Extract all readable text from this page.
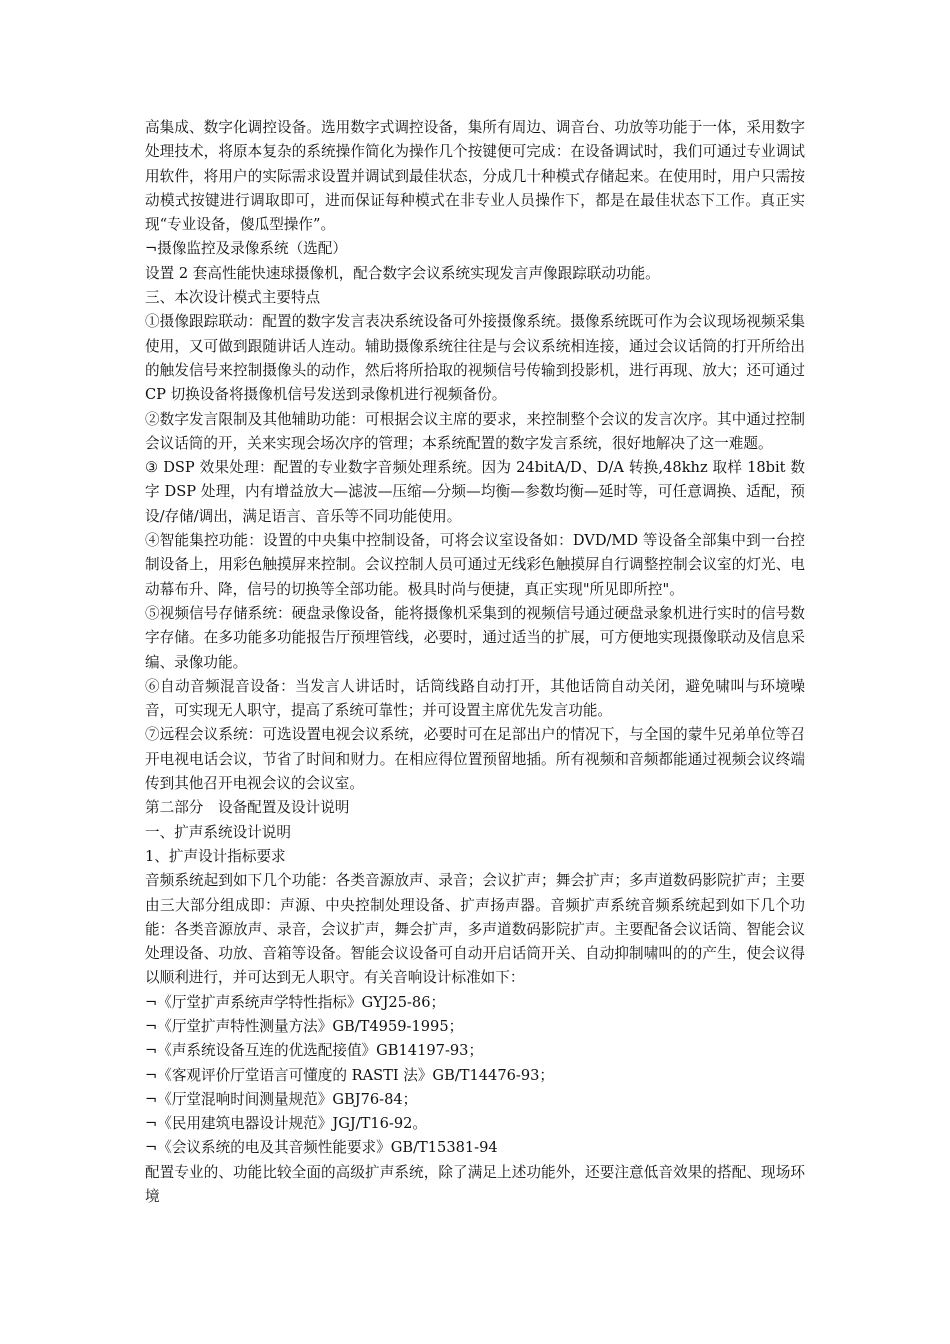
高集成、数字化调控设备。选用数字式调控设备，集所有周边、调音台、功放等功能于一体，采用数字处理技术，将原本复杂的系统操作简化为操作几个按键便可完成：在设备调试时，我们可通过专业调试用软件，将用户的实际需求设置并调试到最佳状态，分成几十种模式存储起来。在使用时，用户只需按动模式按键进行调取即可，进而保证每种模式在非专业人员操作下，都是在最佳状态下工作。真正实现“专业设备，傻瓜型操作”。

¬摄像监控及录像系统（选配）

设置 2 套高性能快速球摄像机，配合数字会议系统实现发言声像跟踪联动功能。

三、本次设计模式主要特点

①摄像跟踪联动：配置的数字发言表决系统设备可外接摄像系统。摄像系统既可作为会议现场视频采集使用，又可做到跟随讲话人连动。辅助摄像系统往往是与会议系统相连接，通过会议话筒的打开所给出的触发信号来控制摄像头的动作，然后将所拾取的视频信号传输到投影机，进行再现、放大；还可通过 CP 切换设备将摄像机信号发送到录像机进行视频备份。

②数字发言限制及其他辅助功能：可根据会议主席的要求，来控制整个会议的发言次序。其中通过控制会议话筒的开，关来实现会场次序的管理；本系统配置的数字发言系统，很好地解决了这一难题。

③ DSP 效果处理：配置的专业数字音频处理系统。因为 24bitA/D、D/A 转换,48khz 取样 18bit 数字 DSP 处理，内有增益放大—滤波—压缩—分频—均衡—参数均衡—延时等，可任意调换、适配，预设/存储/调出，满足语言、音乐等不同功能使用。

④智能集控功能：设置的中央集中控制设备，可将会议室设备如：DVD/MD 等设备全部集中到一台控制设备上，用彩色触摸屏来控制。会议控制人员可通过无线彩色触摸屏自行调整控制会议室的灯光、电动幕布升、降，信号的切换等全部功能。极具时尚与便捷，真正实现"所见即所控"。

⑤视频信号存储系统：硬盘录像设备，能将摄像机采集到的视频信号通过硬盘录象机进行实时的信号数字存储。在多功能多功能报告厅预埋管线，必要时，通过适当的扩展，可方便地实现摄像联动及信息采编、录像功能。

⑥自动音频混音设备：当发言人讲话时，话筒线路自动打开，其他话筒自动关闭，避免啸叫与环境噪音，可实现无人职守，提高了系统可靠性；并可设置主席优先发言功能。

⑦远程会议系统：可选设置电视会议系统，必要时可在足部出户的情况下，与全国的蒙牛兄弟单位等召开电视电话会议，节省了时间和财力。在相应得位置预留地插。所有视频和音频都能通过视频会议终端传到其他召开电视会议的会议室。

第二部分　设备配置及设计说明

一、扩声系统设计说明

1、扩声设计指标要求

音频系统起到如下几个功能：各类音源放声、录音；会议扩声；舞会扩声；多声道数码影院扩声；主要由三大部分组成即：声源、中央控制处理设备、扩声扬声器。音频扩声系统音频系统起到如下几个功能：各类音源放声、录音，会议扩声，舞会扩声，多声道数码影院扩声。主要配备会议话筒、智能会议处理设备、功放、音箱等设备。智能会议设备可自动开启话筒开关、自动抑制啸叫的的产生，使会议得以顺利进行，并可达到无人职守。有关音响设计标准如下：

¬《厅堂扩声系统声学特性指标》GYJ25-86；

¬《厅堂扩声特性测量方法》GB/T4959-1995；

¬《声系统设备互连的优选配接值》GB14197-93；

¬《客观评价厅堂语言可懂度的 RASTI 法》GB/T14476-93；

¬《厅堂混响时间测量规范》GBJ76-84；

¬《民用建筑电器设计规范》JGJ/T16-92。

¬《会议系统的电及其音频性能要求》GB/T15381-94

配置专业的、功能比较全面的高级扩声系统，除了满足上述功能外，还要注意低音效果的搭配、现场环境
